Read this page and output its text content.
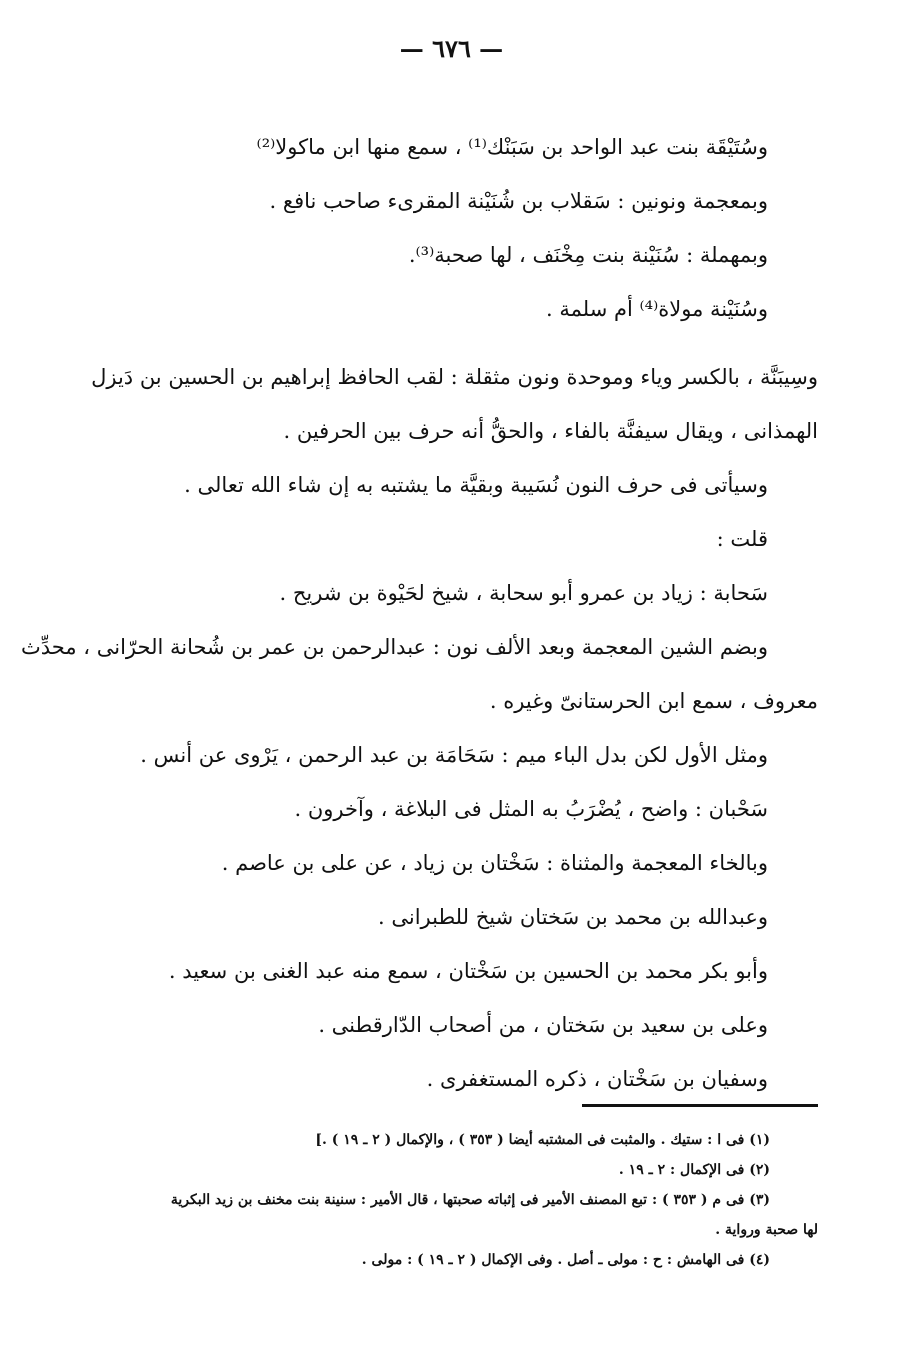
— ٦٧٦ —
وسُتَيْقَة بنت عبد الواحد بن سَبَنْك⁽¹⁾ ، سمع منها ابن ماكولا⁽²⁾
وبمعجمة ونونين : سَقلاب بن شُنَيْنة المقرىء صاحب نافع .
وبمهملة : سُنَيْنة بنت مِخْنَف ، لها صحبة⁽³⁾.
وسُنَيْنة مولاة⁽⁴⁾ أم سلمة .
وسِيبَنَّة ، بالكسر وياء وموحدة ونون مثقلة : لقب الحافظ إبراهيم بن الحسين بن دَيزل
الهمذانى ، ويقال سيفنَّة بالفاء ، والحقُّ أنه حرف بين الحرفين .
وسيأتى فى حرف النون نُسَيبة وبقيَّة ما يشتبه به إن شاء الله تعالى .
قلت :
سَحابة : زياد بن عمرو أبو سحابة ، شيخ لحَيْوة بن شريح .
وبضم الشين المعجمة وبعد الألف نون : عبدالرحمن بن عمر بن شُحانة الحرّانى ، محدِّث
معروف ، سمع ابن الحرستانىّ وغيره .
ومثل الأول لكن بدل الباء ميم : سَحَامَة بن عبد الرحمن ، يَرْوى عن أنس .
سَحْبان : واضح ، يُضْرَبُ به المثل فى البلاغة ، وآخرون .
وبالخاء المعجمة والمثناة : سَخْتان بن زياد ، عن على بن عاصم .
وعبدالله بن محمد بن سَختان شيخ للطبرانى .
وأبو بكر محمد بن الحسين بن سَخْتان ، سمع منه عبد الغنى بن سعيد .
وعلى بن سعيد بن سَختان ، من أصحاب الدّارقطنى .
وسفيان بن سَخْتان ، ذكره المستغفرى .
(١) فى ا : ستيك . والمثبت فى المشتبه أيضا ( ٣٥٣ ) ، والإكمال ( ٢ ـ ١٩ ) .]
(٢) فى الإكمال : ٢ ـ ١٩ .
(٣) فى م ( ٣٥٣ ) : تبع المصنف الأمير فى إثباته صحبتها ، قال الأمير : سنينة بنت مخنف بن زيد البكرية
لها صحبة ورواية .
(٤) فى الهامش : ح : مولى ـ أصل . وفى الإكمال ( ٢ ـ ١٩ ) : مولى .
